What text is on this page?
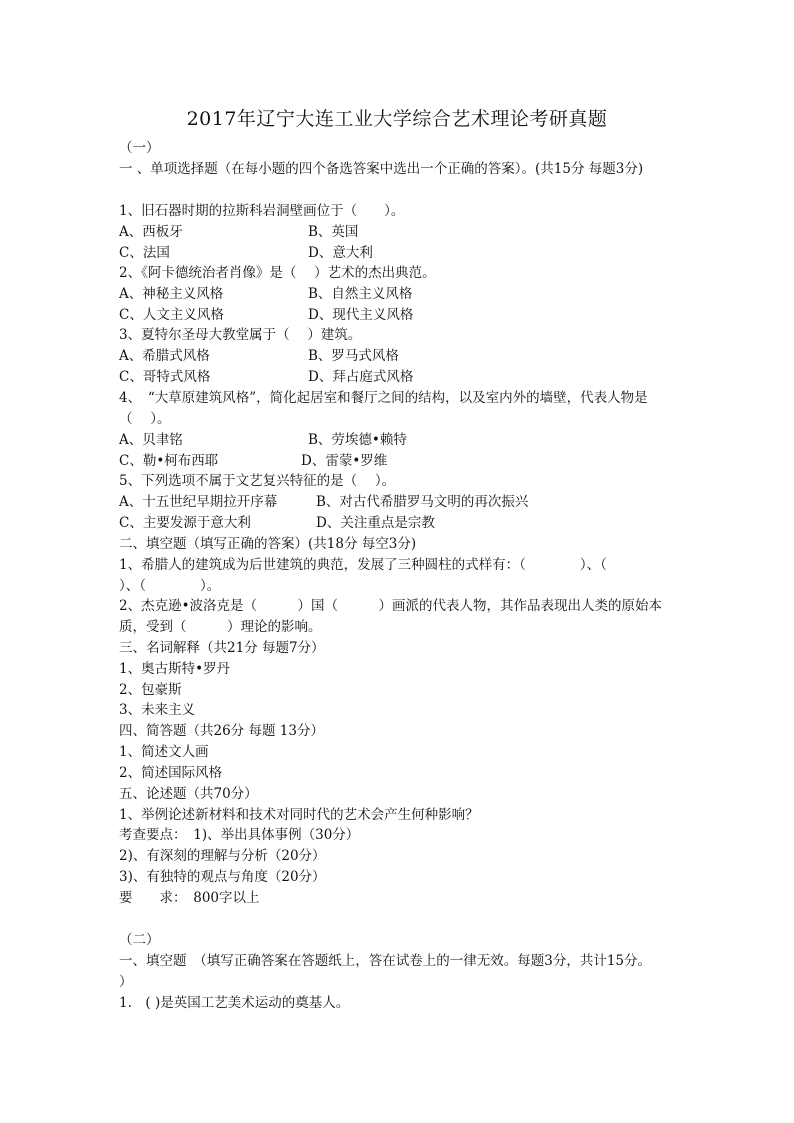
2017年辽宁大连工业大学综合艺术理论考研真题
（一）
一 、单项选择题（在每小题的四个备选答案中选出一个正确的答案）。(共15分 每题3分)
1、旧石器时期的拉斯科岩洞壁画位于（　　）。
A、西板牙
C、法国
2、《阿卡德统治者肖像》是（　 ）艺术的杰出典范。
A、神秘主义风格
C、人文主义风格
3、夏特尔圣母大教堂属于（　 ）建筑。
A、希腊式风格
C、哥特式风格
4、　“大草原建筑风格”，简化起居室和餐厅之间的结构，以及室内外的墙壁，代表人物是
（　 ）。
A、贝聿铭
C、勒•柯布西耶
5、下列选项不属于文艺复兴特征的是（　 ）。
A、十五世纪早期拉开序幕
C、主要发源于意大利
二、填空题（填写正确的答案）(共18分 每空3分)
1、希腊人的建筑成为后世建筑的典范，发展了三种圆柱的式样有：（　　　　）、（
）、（　　　　）。
2、杰克逊•波洛克是（　　　）国（　　　）画派的代表人物，其作品表现出人类的原始本
质，受到（　　　）理论的影响。
三、名词解释（共21分 每题7分）
1、奥古斯特•罗丹
2、包豪斯
3、未来主义
四、简答题（共26分 每题 13分）
1、简述文人画
2、简述国际风格
五、论述题（共70分）
1、举例论述新材料和技术对同时代的艺术会产生何种影响？
考查要点：　1)、举出具体事例（30分）
2)、有深刻的理解与分析（20分）
3)、有独特的观点与角度（20分）
要　　求：　800字以上
（二）
一、填空题　（填写正确答案在答题纸上，答在试卷上的一律无效。每题3分，共计15分。
）
1.　( )是英国工艺美术运动的奠基人。
B、英国
D、意大利
B、自然主义风格
D、现代主义风格
B、罗马式风格
D、拜占庭式风格
B、劳埃德•赖特
D、雷蒙•罗维
B、对古代希腊罗马文明的再次振兴
D、关注重点是宗教
